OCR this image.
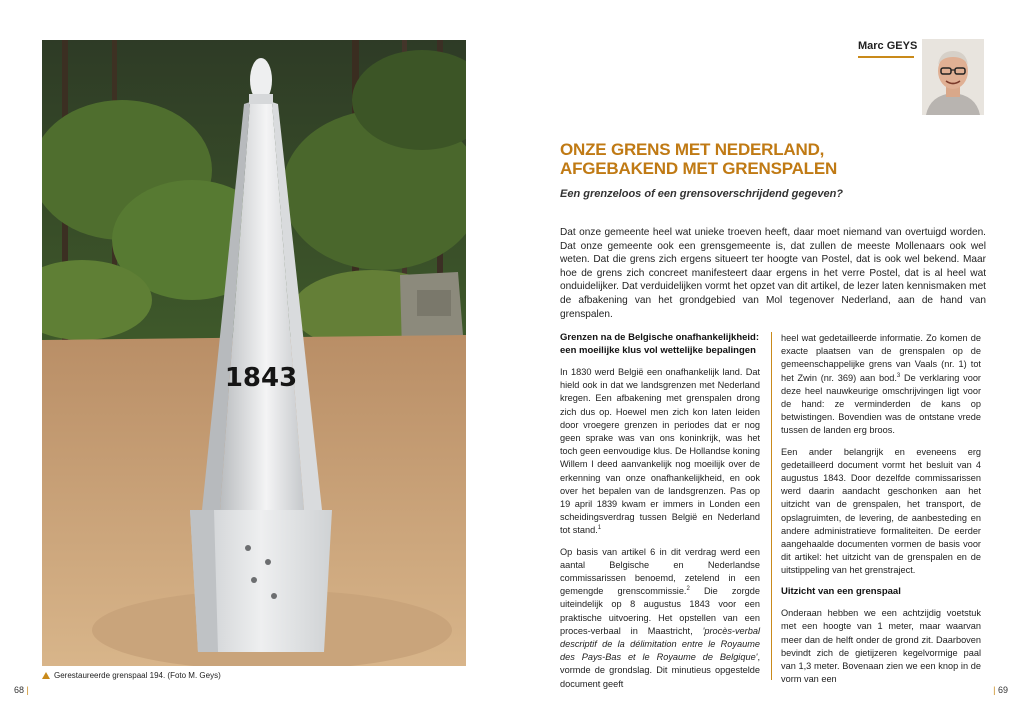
1843
Gerestaureerde grenspaal 194. (Foto M. Geys)
68 |
Marc GEYS
ONZE GRENS MET NEDERLAND,
AFGEBAKEND MET GRENSPALEN
Een grenzeloos of een grensoverschrijdend gegeven?
Dat onze gemeente heel wat unieke troeven heeft, daar moet niemand van overtuigd worden. Dat onze gemeente ook een grensgemeente is, dat zullen de meeste Mollenaars ook wel weten. Dat die grens zich ergens situeert ter hoogte van Postel, dat is ook wel bekend. Maar hoe de grens zich concreet manifesteert daar ergens in het verre Postel, dat is al heel wat onduidelijker. Dat verduidelijken vormt het opzet van dit artikel, de lezer laten kennismaken met de afbakening van het grondgebied van Mol tegenover Nederland, aan de hand van grenspalen.
Grenzen na de Belgische onafhankelijkheid: een moeilijke klus vol wettelijke bepalingen

In 1830 werd België een onafhankelijk land. Dat hield ook in dat we landsgrenzen met Nederland kregen. Een afbakening met grenspalen drong zich dus op. Hoewel men zich kon laten leiden door vroegere grenzen in periodes dat er nog geen sprake was van ons koninkrijk, was het toch geen eenvoudige klus. De Hollandse koning Willem I deed aanvankelijk nog moeilijk over de erkenning van onze onafhankelijkheid, en ook over het bepalen van de landsgrenzen. Pas op 19 april 1839 kwam er immers in Londen een scheidingsverdrag tussen België en Nederland tot stand.$^1$

Op basis van artikel 6 in dit verdrag werd een aantal Belgische en Nederlandse commissarissen benoemd, zetelend in een gemengde grenscommissie.$^2$ Die zorgde uiteindelijk op 8 augustus 1843 voor een praktische uitvoering. Het opstellen van een proces-verbaal in Maastricht, 'procès-verbal descriptif de la délimitation entre le Royaume des Pays-Bas et le Royaume de Belgique', vormde de grondslag. Dit minutieus opgestelde document geeft

heel wat gedetailleerde informatie. Zo komen de exacte plaatsen van de grenspalen op de gemeenschappelijke grens van Vaals (nr. 1) tot het Zwin (nr. 369) aan bod.$^3$ De verklaring voor deze heel nauwkeurige omschrijvingen ligt voor de hand: ze verminderden de kans op betwistingen. Bovendien was de ontstane vrede tussen de landen erg broos.

Een ander belangrijk en eveneens erg gedetailleerd document vormt het besluit van 4 augustus 1843. Door dezelfde commissarissen werd daarin aandacht geschonken aan het uitzicht van de grenspalen, het transport, de opslagruimten, de levering, de aanbesteding en andere administratieve formaliteiten. De eerder aangehaalde documenten vormen de basis voor dit artikel: het uitzicht van de grenspalen en de uitstippeling van het grenstraject.

Uitzicht van een grenspaal

Onderaan hebben we een achtzijdig voetstuk met een hoogte van 1 meter, maar waarvan meer dan de helft onder de grond zit. Daarboven bevindt zich de gietijzeren kegelvormige paal van 1,3 meter. Bovenaan zien we een knop in de vorm van een

| 69
